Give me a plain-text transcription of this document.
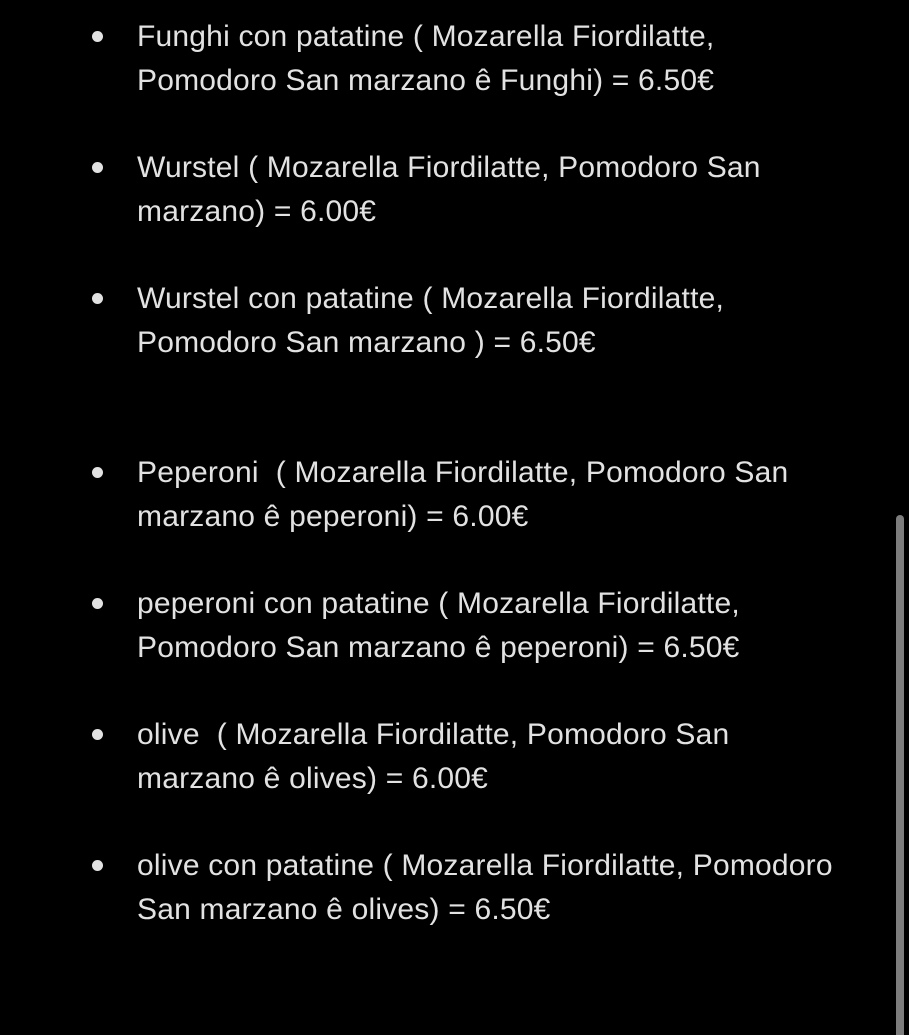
Funghi con patatine ( Mozarella Fiordilatte,
Pomodoro San marzano ê Funghi) = 6.50€
Wurstel ( Mozarella Fiordilatte, Pomodoro San
marzano) = 6.00€
Wurstel con patatine ( Mozarella Fiordilatte,
Pomodoro San marzano ) = 6.50€
Peperoni  ( Mozarella Fiordilatte, Pomodoro San
marzano ê peperoni) = 6.00€
peperoni con patatine ( Mozarella Fiordilatte,
Pomodoro San marzano ê peperoni) = 6.50€
olive  ( Mozarella Fiordilatte, Pomodoro San
marzano ê olives) = 6.00€
olive con patatine ( Mozarella Fiordilatte, Pomodoro
San marzano ê olives) = 6.50€
